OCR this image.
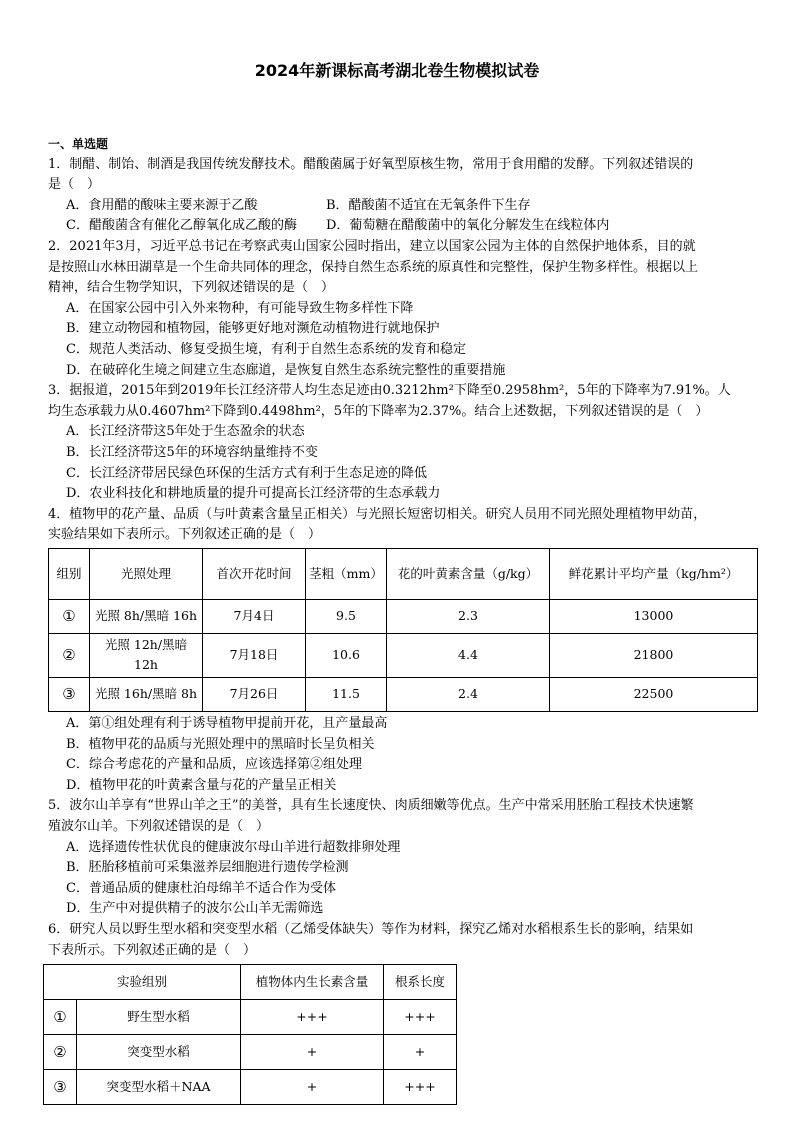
2024年新课标高考湖北卷生物模拟试卷
一、单选题
1．制醋、制饴、制酒是我国传统发酵技术。醋酸菌属于好氧型原核生物，常用于食用醋的发酵。下列叙述错误的
是（　）
A．食用醋的酸味主要来源于乙酸	B．醋酸菌不适宜在无氧条件下生存
C．醋酸菌含有催化乙醇氧化成乙酸的酶	D．葡萄糖在醋酸菌中的氧化分解发生在线粒体内
2．2021年3月，习近平总书记在考察武夷山国家公园时指出，建立以国家公园为主体的自然保护地体系，目的就
是按照山水林田湖草是一个生命共同体的理念，保持自然生态系统的原真性和完整性，保护生物多样性。根据以上
精神，结合生物学知识，下列叙述错误的是（　）
A．在国家公园中引入外来物种，有可能导致生物多样性下降
B．建立动物园和植物园，能够更好地对濒危动植物进行就地保护
C．规范人类活动、修复受损生境，有利于自然生态系统的发育和稳定
D．在破碎化生境之间建立生态廊道，是恢复自然生态系统完整性的重要措施
3．据报道，2015年到2019年长江经济带人均生态足迹由0.3212hm²下降至0.2958hm²，5年的下降率为7.91%。人
均生态承载力从0.4607hm²下降到0.4498hm²，5年的下降率为2.37%。结合上述数据，下列叙述错误的是（　）
A．长江经济带这5年处于生态盈余的状态
B．长江经济带这5年的环境容纳量维持不变
C．长江经济带居民绿色环保的生活方式有利于生态足迹的降低
D．农业科技化和耕地质量的提升可提高长江经济带的生态承载力
4．植物甲的花产量、品质（与叶黄素含量呈正相关）与光照长短密切相关。研究人员用不同光照处理植物甲幼苗，
实验结果如下表所示。下列叙述正确的是（　）
组别	光照处理	首次开花时间	茎粗（mm）	花的叶黄素含量（g/kg）	鲜花累计平均产量（kg/hm²）
①	光照 8h/黑暗 16h	7月4日	9.5	2.3	13000
②	光照 12h/黑暗 12h	7月18日	10.6	4.4	21800
③	光照 16h/黑暗 8h	7月26日	11.5	2.4	22500
A．第①组处理有利于诱导植物甲提前开花，且产量最高
B．植物甲花的品质与光照处理中的黑暗时长呈负相关
C．综合考虑花的产量和品质，应该选择第②组处理
D．植物甲花的叶黄素含量与花的产量呈正相关
5．波尔山羊享有“世界山羊之王”的美誉，具有生长速度快、肉质细嫩等优点。生产中常采用胚胎工程技术快速繁
殖波尔山羊。下列叙述错误的是（　）
A．选择遗传性状优良的健康波尔母山羊进行超数排卵处理
B．胚胎移植前可采集滋养层细胞进行遗传学检测
C．普通品质的健康杜泊母绵羊不适合作为受体
D．生产中对提供精子的波尔公山羊无需筛选
6．研究人员以野生型水稻和突变型水稻（乙烯受体缺失）等作为材料，探究乙烯对水稻根系生长的影响，结果如
下表所示。下列叙述正确的是（　）
实验组别		植物体内生长素含量	根系长度
①	野生型水稻	+++	+++
②	突变型水稻	+	+
③	突变型水稻＋NAA	+	+++
